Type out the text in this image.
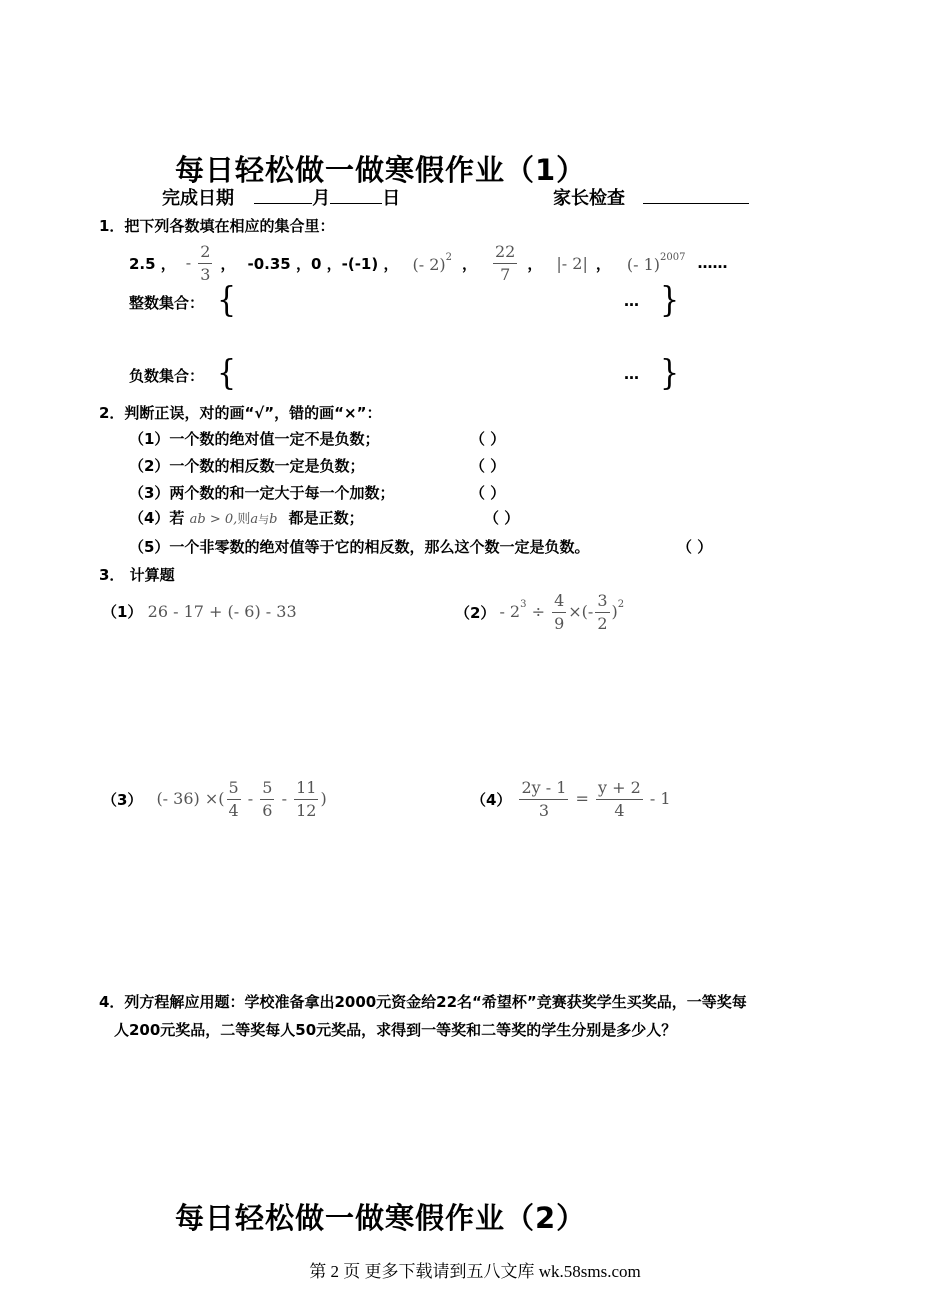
每日轻松做一做寒假作业（1）
完成日期	月	日	家长检查
1．把下列各数填在相应的集合里：
2.5 ， - $\frac{2}{3}$ ， -0.35 ，0 ，-(-1) ， (- 2)$^2$ ， $\frac{22}{7}$ ， |- 2| ， (- 1)$^{2007}$ ……
整数集合： {	… }
负数集合： {	… }
2．判断正误，对的画“√”，错的画“×”：
（1）一个数的绝对值一定不是负数；	（ ）
（2）一个数的相反数一定是负数；	（ ）
（3）两个数的和一定大于每一个加数；	（ ）
（4）若 ab > 0,则a与b 都是正数；	（ ）
（5）一个非零数的绝对值等于它的相反数，那么这个数一定是负数。	（ ）
3． 计算题
（1） 26 - 17 + (- 6) - 33	$(2) - 2^3 \div \frac{4}{9}$ ×(- $\frac{3}{2} )^2$
（3） (- 36) ×( $\frac{5}{4} - \frac{5}{6} - \frac{11}{12}$ )	$(4) \frac{2y - 1}{3} = \frac{y + 2}{4} - 1$
4．列方程解应用题：学校准备拿出2000元资金给22名“希望杯”竞赛获奖学生买奖品，一等奖每
人200元奖品，二等奖每人50元奖品，求得到一等奖和二等奖的学生分别是多少人？
每日轻松做一做寒假作业（2）
第 2 页 更多下载请到五八文库 wk.58sms.com
